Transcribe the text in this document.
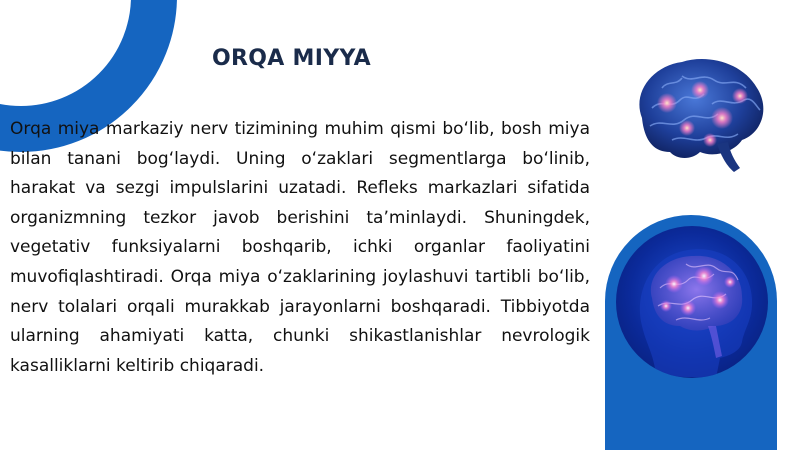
ORQA MIYYA
Orqa miya markaziy nerv tizimining muhim qismi boʻlib, bosh miya bilan tanani bogʻlaydi. Uning oʻzaklari segmentlarga boʻlinib, harakat va sezgi impulslarini uzatadi. Refleks markazlari sifatida organizmning tezkor javob berishini taʼminlaydi. Shuningdek, vegetativ funksiyalarni boshqarib, ichki organlar faoliyatini muvofiqlashtiradi. Orqa miya oʻzaklarining joylashuvi tartibli boʻlib, nerv tolalari orqali murakkab jarayonlarni boshqaradi. Tibbiyotda ularning ahamiyati katta, chunki shikastlanishlar nevrologik kasalliklarni keltirib chiqaradi.
